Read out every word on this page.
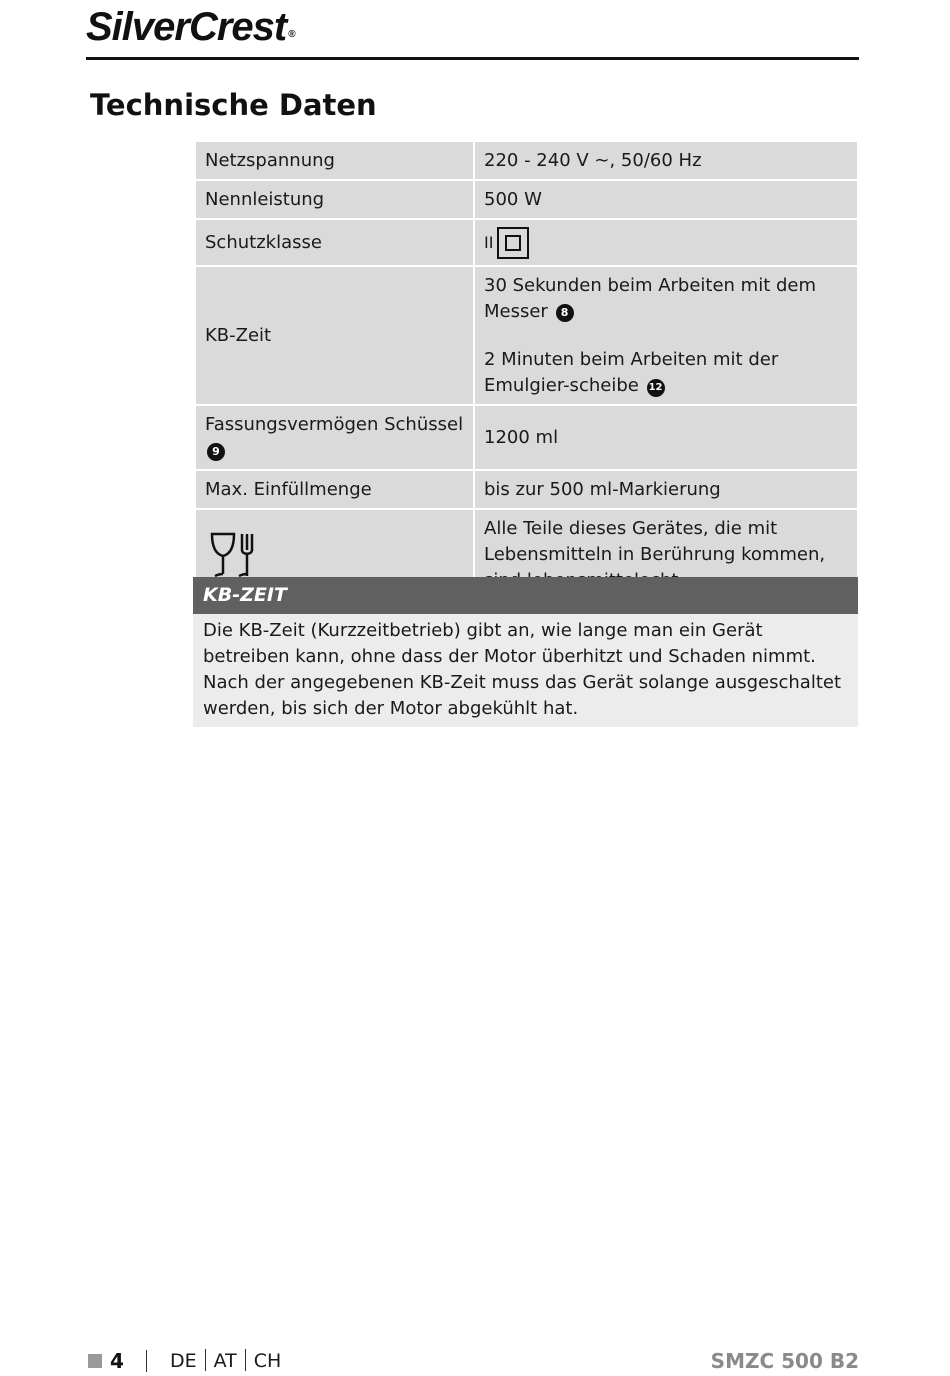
SilverCrest ®
Technische Daten
Netzspannung	220 - 240 V ∼, 50/60 Hz
Nennleistung	500 W
Schutzklasse	II

KB-Zeit	30 Sekunden beim Arbeiten mit dem Messer 8
2 Minuten beim Arbeiten mit der Emulgier-scheibe 12

Fassungsvermögen Schüssel 9	1200 ml
Max. Einfüllmenge	bis zur 500 ml-Markierung

	Alle Teile dieses Gerätes, die mit Lebensmitteln in Berührung kommen,
KB-ZEIT
Die KB-Zeit (Kurzzeitbetrieb) gibt an, wie lange man ein Gerät betreiben kann, ohne dass der Motor überhitzt und Schaden nimmt. Nach der angegebenen KB-Zeit muss das Gerät solange ausgeschaltet werden, bis sich der Motor abgekühlt hat.
4 DE AT CH	SMZC 500 B2
